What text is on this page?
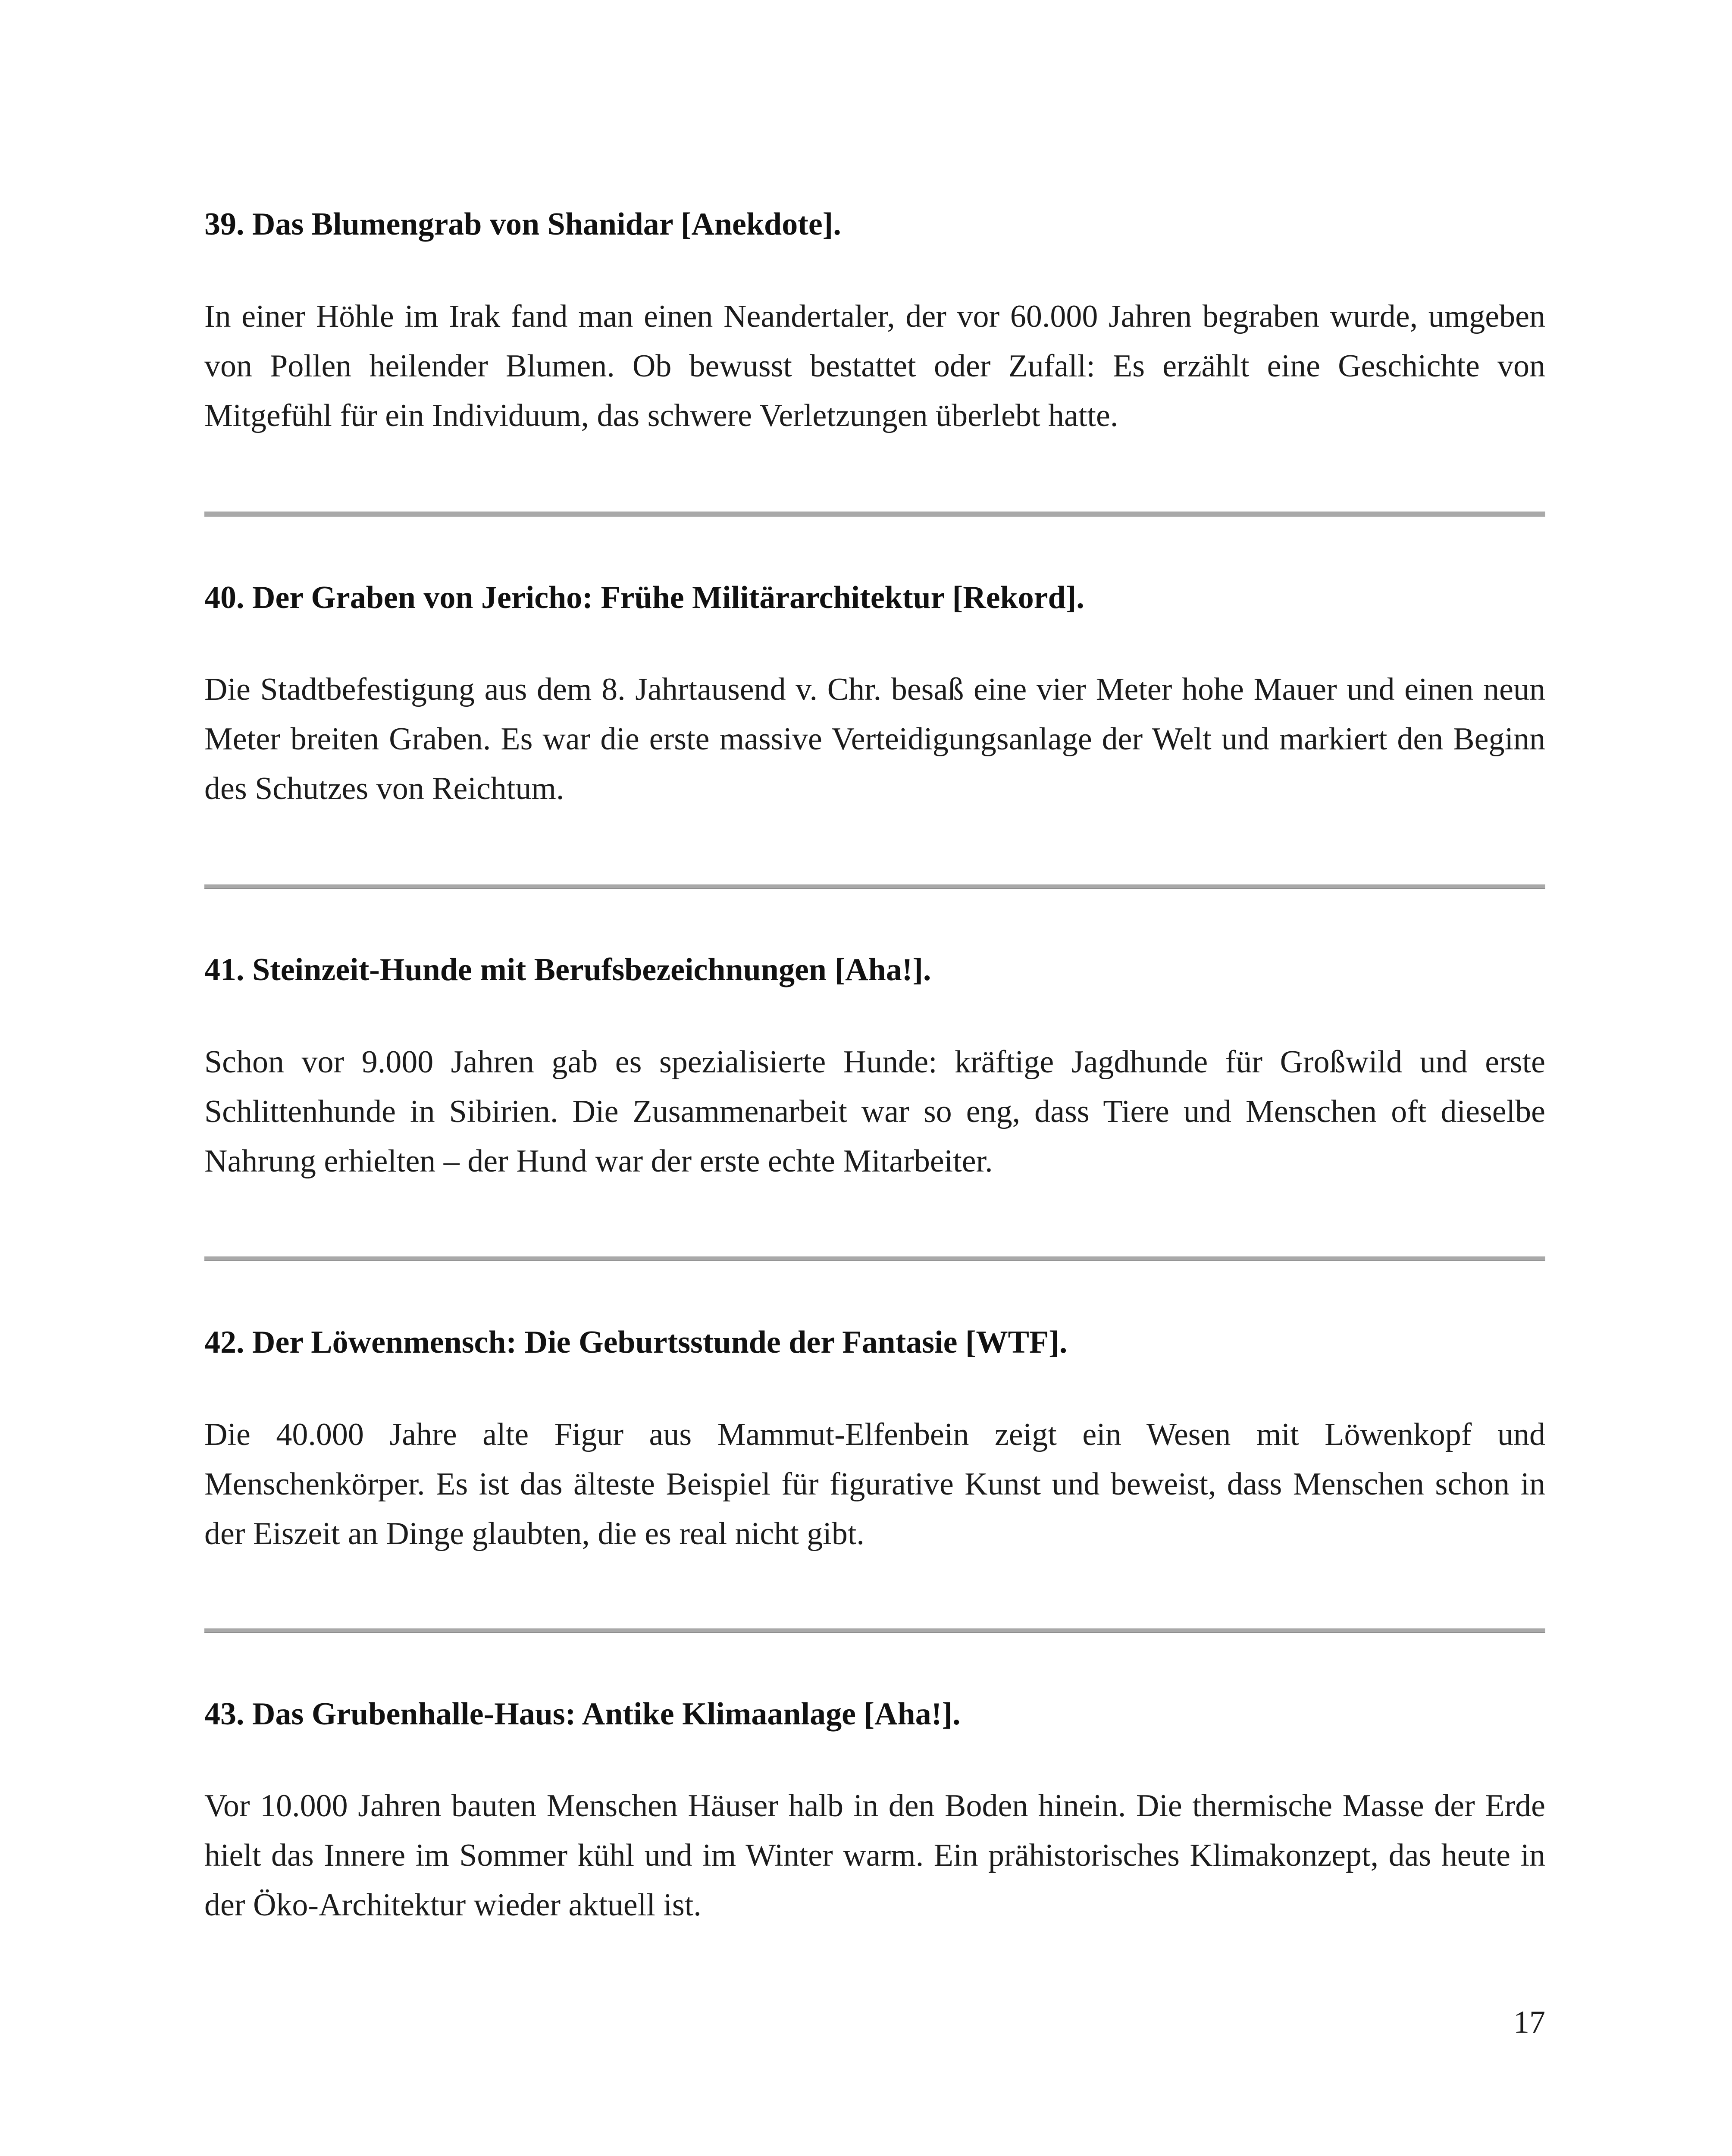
39. Das Blumengrab von Shanidar [Anekdote].

In einer Höhle im Irak fand man einen Neandertaler, der vor 60.000 Jahren begraben wurde, umgeben von Pollen heilender Blumen. Ob bewusst bestattet oder Zufall: Es erzählt eine Geschichte von Mitgefühl für ein Individuum, das schwere Verletzungen überlebt hatte.

40. Der Graben von Jericho: Frühe Militärarchitektur [Rekord].

Die Stadtbefestigung aus dem 8. Jahrtausend v. Chr. besaß eine vier Meter hohe Mauer und einen neun Meter breiten Graben. Es war die erste massive Verteidigungsanlage der Welt und markiert den Beginn des Schutzes von Reichtum.

41. Steinzeit-Hunde mit Berufsbezeichnungen [Aha!].

Schon vor 9.000 Jahren gab es spezialisierte Hunde: kräftige Jagdhunde für Großwild und erste Schlittenhunde in Sibirien. Die Zusammenarbeit war so eng, dass Tiere und Menschen oft dieselbe Nahrung erhielten – der Hund war der erste echte Mitarbeiter.

42. Der Löwenmensch: Die Geburtsstunde der Fantasie [WTF].

Die 40.000 Jahre alte Figur aus Mammut-Elfenbein zeigt ein Wesen mit Löwenkopf und Menschenkörper. Es ist das älteste Beispiel für figurative Kunst und beweist, dass Menschen schon in der Eiszeit an Dinge glaubten, die es real nicht gibt.

43. Das Grubenhalle-Haus: Antike Klimaanlage [Aha!].

Vor 10.000 Jahren bauten Menschen Häuser halb in den Boden hinein. Die thermische Masse der Erde hielt das Innere im Sommer kühl und im Winter warm. Ein prähistorisches Klimakonzept, das heute in der Öko-Architektur wieder aktuell ist.

17
